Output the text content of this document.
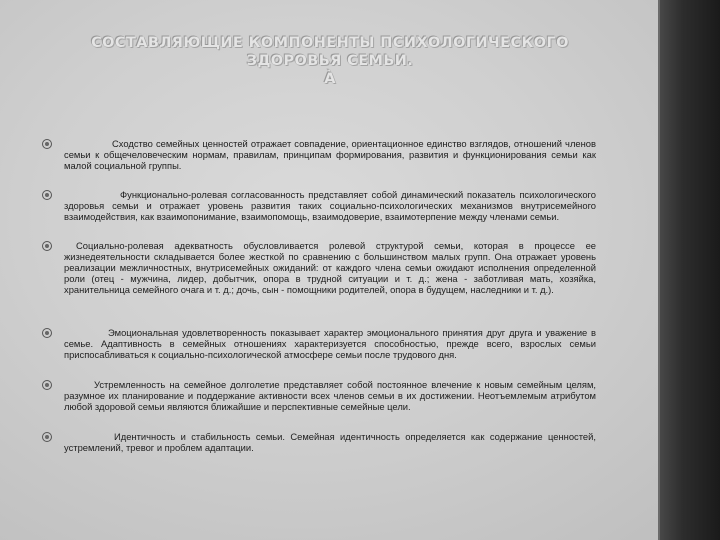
СОСТАВЛЯЮЩИЕ КОМПОНЕНТЫ ПСИХОЛОГИЧЕСКОГО
ЗДОРОВЬЯ СЕМЬИ.
À
Сходство семейных ценностей отражает совпадение, ориентационное единство взглядов, отношений членов семьи к общечеловеческим нормам, правилам, принципам формирования, развития и функционирования семьи как малой социальной группы.
Функционально-ролевая согласованность представляет собой динамический показатель психологического здоровья семьи и отражает уровень развития таких социально-психологических механизмов внутрисемейного взаимодействия, как взаимопонимание, взаимопомощь, взаимодоверие, взаимотерпение между членами семьи.
Социально-ролевая адекватность обусловливается ролевой структурой семьи, которая в процессе ее жизнедеятельности складывается более жесткой по сравнению с большинством малых групп. Она отражает уровень реализации межличностных, внутрисемейных ожиданий: от каждого члена семьи ожидают исполнения определенной роли (отец - мужчина, лидер, добытчик, опора в трудной ситуации и т. д.; жена - заботливая мать, хозяйка, хранительница семейного очага и т. д.; дочь, сын - помощники родителей, опора в будущем, наследники и т. д.).
Эмоциональная удовлетворенность показывает характер эмоционального принятия друг друга и уважение в семье. Адаптивность в семейных отношениях характеризуется способностью, прежде всего, взрослых семьи приспосабливаться к социально-психологической атмосфере семьи после трудового дня.
Устремленность на семейное долголетие представляет собой постоянное влечение к новым семейным целям, разумное их планирование и поддержание активности всех членов семьи в их достижении. Неотъемлемым атрибутом любой здоровой семьи являются ближайшие и перспективные семейные цели.
Идентичность и стабильность семьи. Семейная идентичность определяется как содержание ценностей, устремлений, тревог и проблем адаптации.
